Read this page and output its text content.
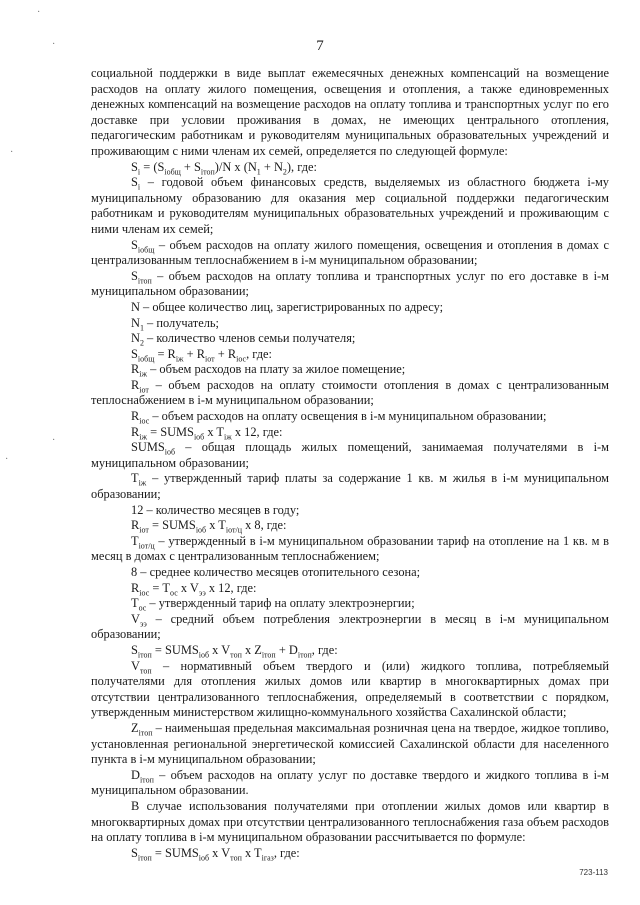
7
·
·
·
·
·

социальной поддержки в виде выплат ежемесячных денежных компенсаций на возмещение расходов на оплату жилого помещения, освещения и отопления, а также единовременных денежных компенсаций на возмещение расходов на оплату топлива и транспортных услуг по его доставке при условии проживания в домах, не имеющих центрального отопления, педагогическим работникам и руководителям муниципальных образовательных учреждений и проживающим с ними членам их семей, определяется по следующей формуле:

$S_i = (S_{iобщ} + S_{iтоп})/N$ x $(N_1 + N_2)$, где:

$S_i$ – годовой объем финансовых средств, выделяемых из областного бюджета i-му муниципальному образованию для оказания мер социальной поддержки педагогическим работникам и руководителям муниципальных образовательных учреждений и проживающим с ними членам их семей;

$S_{iобщ}$ – объем расходов на оплату жилого помещения, освещения и отопления в домах с централизованным теплоснабжением в i-м муниципальном образовании;

$S_{iтоп}$ – объем расходов на оплату топлива и транспортных услуг по его доставке в i-м муниципальном образовании;

N – общее количество лиц, зарегистрированных по адресу;

$N_1$ – получатель;

$N_2$ – количество членов семьи получателя;

$S_{iобщ} = R_{iж} + R_{iот} + R_{iос}$, где:

$R_{iж}$ – объем расходов на плату за жилое помещение;

$R_{iот}$ – объем расходов на оплату стоимости отопления в домах с централизованным теплоснабжением в i-м муниципальном образовании;

$R_{iос}$ – объем расходов на оплату освещения в i-м муниципальном образовании;

$R_{iж}$ = $SUMS_{iоб}$ x $T_{iж}$ x 12, где:

$SUMS_{iоб}$ – общая площадь жилых помещений, занимаемая получателями в i-м муниципальном образовании;

$T_{iж}$ – утвержденный тариф платы за содержание 1 кв. м жилья в i-м муниципальном образовании;

12 – количество месяцев в году;

$R_{iот}$ = $SUMS_{iоб}$ x $T_{iот/ц}$ x 8, где:

$T_{iот/ц}$ – утвержденный в i-м муниципальном образовании тариф на отопление на 1 кв. м в месяц в домах с централизованным теплоснабжением;

8 – среднее количество месяцев отопительного сезона;

$R_{iос} = T_{ос}$ x $V_{ээ}$ x 12, где:

$T_{ос}$ – утвержденный тариф на оплату электроэнергии;

$V_{ээ}$ – средний объем потребления электроэнергии в месяц в i-м муниципальном образовании;

$S_{iтоп}$ = $SUMS_{iоб}$ x $V_{топ}$ x $Z_{iтоп} + D_{iтоп}$, где:

$V_{топ}$ – нормативный объем твердого и (или) жидкого топлива, потребляемый получателями для отопления жилых домов или квартир в многоквартирных домах при отсутствии централизованного теплоснабжения, определяемый в соответствии с порядком, утвержденным министерством жилищно-коммунального хозяйства Сахалинской области;

$Z_{iтоп}$ – наименьшая предельная максимальная розничная цена на твердое, жидкое топливо, установленная региональной энергетической комиссией Сахалинской области для населенного пункта в i-м муниципальном образовании;

$D_{iтоп}$ – объем расходов на оплату услуг по доставке твердого и жидкого топлива в i-м муниципальном образовании.

В случае использования получателями при отоплении жилых домов или квартир в многоквартирных домах при отсутствии централизованного теплоснабжения газа объем расходов на оплату топлива в i-м муниципальном образовании рассчитывается по формуле:

$S_{iтоп}$ = $SUMS_{iоб}$ x $V_{топ}$ x $T_{iгаз}$, где:

723-113
